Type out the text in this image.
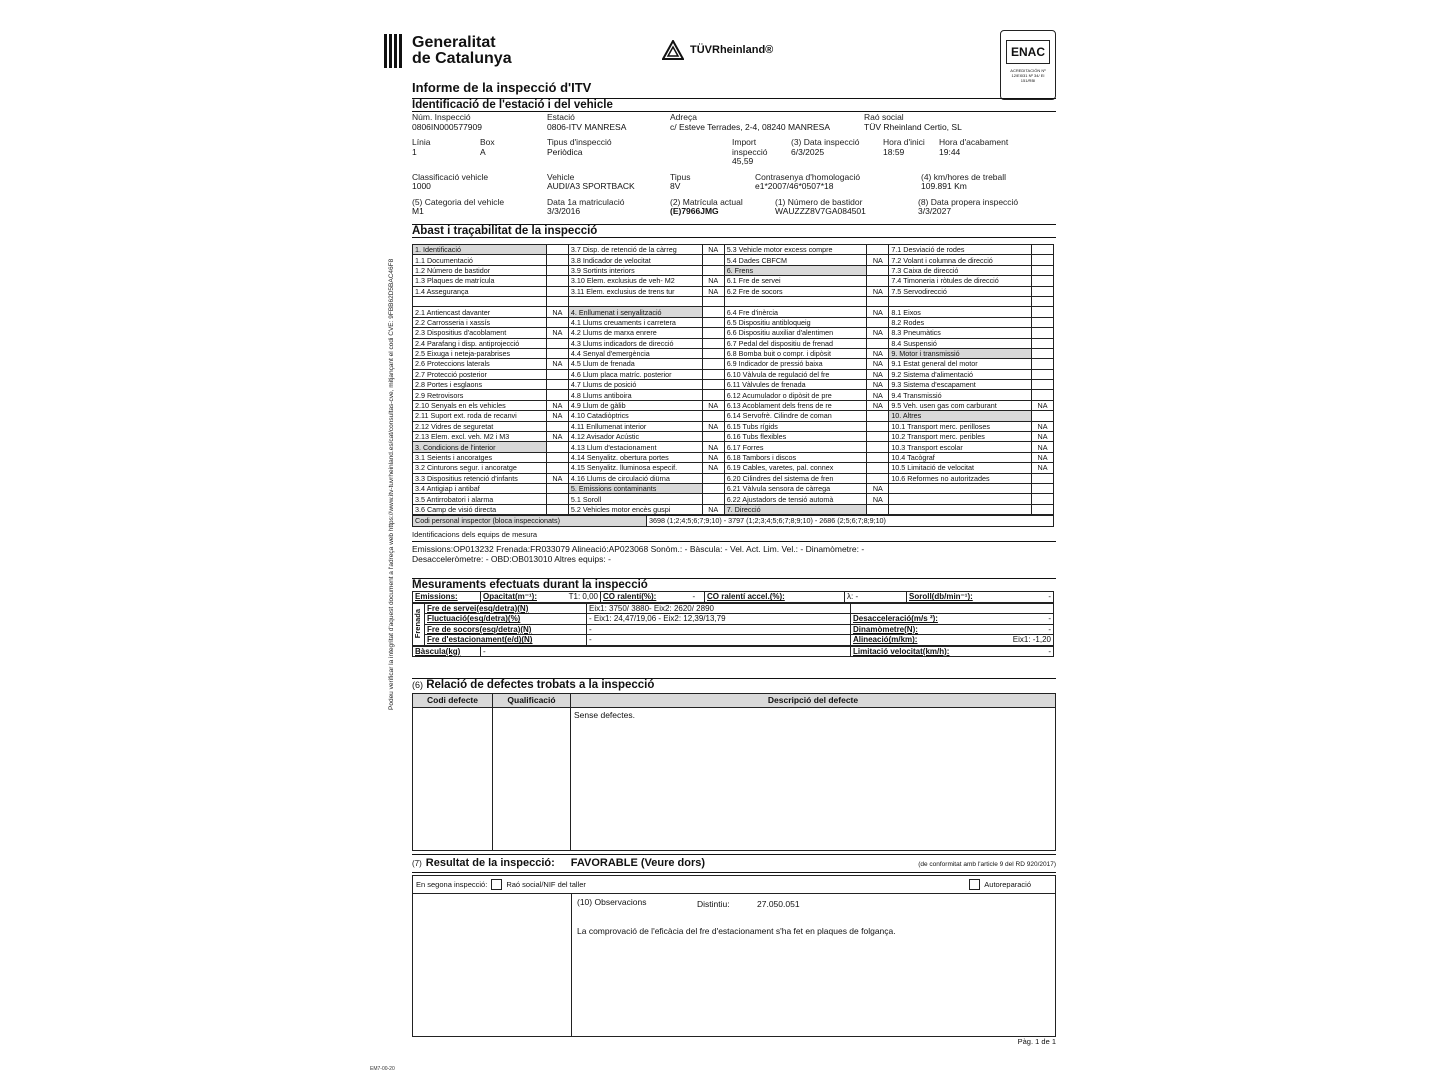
Podeu verificar la integritat d'aquest document a l'adreça web https://www.itv-tuvrheinland.es/cat/consultas-cve, mitjançant el codi CVE: 9FBB62D5BAC46F8
EM7-00-20
Generalitat
de Catalunya	TÜVRheinland®	ENAC
ACREDITACIÓN Nº 12/EI031 Nº 34/ EI 151/RBI
Informe de la inspecció d'ITV
Identificació de l'estació i del vehicle
Núm. Inspecció
0806IN000577909
Estació
0806-ITV MANRESA
Adreça
c/ Esteve Terrades, 2-4, 08240 MANRESA
Raó social
TÜV Rheinland Certio, SL
Línia
1
Box
A
Tipus d'inspecció
Periòdica
Import inspecció
45,59
(3) Data inspecció
6/3/2025
Hora d'inici
18:59
Hora d'acabament
19:44
Classificació vehicle
1000
Vehicle
AUDI/A3 SPORTBACK
Tipus
8V
Contrasenya d'homologació
e1*2007/46*0507*18
(4) km/hores de treball
109.891 Km
(5) Categoria del vehicle
M1
Data 1a matriculació
3/3/2016
(2) Matrícula actual
(E)7966JMG
(1) Número de bastidor
WAUZZZ8V7GA084501
(8) Data propera inspecció
3/3/2027
Abast i traçabilitat de la inspecció
1. Identificació		3.7 Disp. de retenció de la càrreg	NA	5.3 Vehicle motor excess compre		7.1 Desviació de rodes	
1.1 Documentació		3.8 Indicador de velocitat		5.4 Dades CBFCM	NA	7.2 Volant i columna de direcció	
1.2 Número de bastidor		3.9 Sortints interiors		6. Frens		7.3 Caixa de direcció	
1.3 Plaques de matrícula		3.10 Elem. exclusius de veh- M2	NA	6.1 Fre de servei		7.4 Timoneria i ròtules de direcció	
1.4 Assegurança		3.11 Elem. exclusius de trens tur	NA	6.2 Fre de socors	NA	7.5 Servodirecció	

2.1 Antiencast davanter	NA	4. Enllumenat i senyalització		6.4 Fre d'inèrcia	NA	8.1 Eixos	
2.2 Carrosseria i xassís		4.1 Llums creuaments i carretera		6.5 Dispositiu antibloqueig		8.2 Rodes	
2.3 Dispositius d'acoblament	NA	4.2 Llums de marxa enrere		6.6 Dispositiu auxiliar d'alentimen	NA	8.3 Pneumàtics	
2.4 Parafang i disp. antiprojecció		4.3 Llums indicadors de direcció		6.7 Pedal del dispositiu de frenad		8.4 Suspensió	
2.5 Eixuga i neteja-parabrises		4.4 Senyal d'emergència		6.8 Bomba buit o compr. i dipòsit	NA	9. Motor i transmissió	
2.6 Proteccions laterals	NA	4.5 Llum de frenada		6.9 Indicador de pressió baixa	NA	9.1 Estat general del motor	
2.7 Protecció posterior		4.6 Llum placa matríc. posterior		6.10 Vàlvula de regulació del fre	NA	9.2 Sistema d'alimentació	
2.8 Portes i esglaons		4.7 Llums de posició		6.11 Vàlvules de frenada	NA	9.3 Sistema d'escapament	
2.9 Retrovisors		4.8 Llums antiboira		6.12 Acumulador o dipòsit de pre	NA	9.4 Transmissió	
2.10 Senyals en els vehicles	NA	4.9 Llum de gàlib	NA	6.13 Acoblament dels frens de re	NA	9.5 Veh. usen gas com carburant	NA
2.11 Suport ext. roda de recanvi	NA	4.10 Catadiòptrics		6.14 Servofrè. Cilindre de coman		10. Altres	
2.12 Vidres de seguretat		4.11 Enllumenat interior	NA	6.15 Tubs rígids		10.1 Transport merc. perilloses	NA
2.13 Elem. excl. veh. M2 i M3	NA	4.12 Avisador Acústic		6.16 Tubs flexibles		10.2 Transport merc. peribles	NA
3. Condicions de l'interior		4.13 Llum d'estacionament	NA	6.17 Forres		10.3 Transport escolar	NA
3.1 Seients i ancoratges		4.14 Senyalitz. obertura portes	NA	6.18 Tambors i discos		10.4 Tacògraf	NA
3.2 Cinturons segur. i ancoratge		4.15 Senyalitz. lluminosa especif.	NA	6.19 Cables, varetes, pal. connex		10.5 Limitació de velocitat	NA
3.3 Dispositius retenció d'infants	NA	4.16 Llums de circulació diürna		6.20 Cilindres del sistema de fren		10.6 Reformes no autoritzades	
3.4 Antigiap i antibaf		5. Emissions contaminants		6.21 Vàlvula sensora de càrrega	NA		
3.5 Antirrobatori i alarma		5.1 Soroll		6.22 Ajustadors de tensió automà	NA		
3.6 Camp de visió directa		5.2 Vehicles motor encès guspi	NA	7. Direcció			
Codi personal inspector (bloca inspeccionats)	3698 (1;2;4;5;6;7;9;10) - 3797 (1;2;3;4;5;6;7;8;9;10) - 2686 (2;5;6;7;8;9;10)
Identificacions dels equips de mesura
Emissions:OP013232 Frenada:FR033079 Alineació:AP023068 Sonòm.: - Bàscula: - Vel. Act. Lim. Vel.: - Dinamòmetre: -
Desacceleròmetre: - OBD:OB013010 Altres equips: -
Mesuraments efectuats durant la inspecció
Emissions:	Opacitat(m⁻¹):	T1: 0,00	CO ralentí(%):	-	CO ralentí accel.(%):	λ: -	Soroll(db/min⁻¹):	-
Frenada	Fre de servei(esq/detra)(N)	Eix1: 3750/ 3880- Eix2: 2620/ 2890		
	Fluctuació(esq/detra)(%)	- Eix1: 24,47/19,06 - Eix2: 12,39/13,79	Desacceleració(m/s ²):	-
	Fre de socors(esq/detra)(N)	-	Dinamòmetre(N):	-
	Fre d'estacionament(e/d)(N)	-	Alineació(m/km):	Eix1: -1,20
Bàscula(kg)	-	Limitació velocitat(km/h):	-
(6) Relació de defectes trobats a la inspecció
Codi defecte	Qualificació	Descripció del defecte
Sense defectes.
(7) Resultat de la inspecció: FAVORABLE (Veure dors)	(de conformitat amb l'article 9 del RD 920/2017)
En segona inspecció:	Raó social/NIF del taller	Autoreparació
(10) Observacions	Distintiu:	27.050.051
La comprovació de l'eficàcia del fre d'estacionament s'ha fet en plaques de folgança.
Pàg. 1 de 1
